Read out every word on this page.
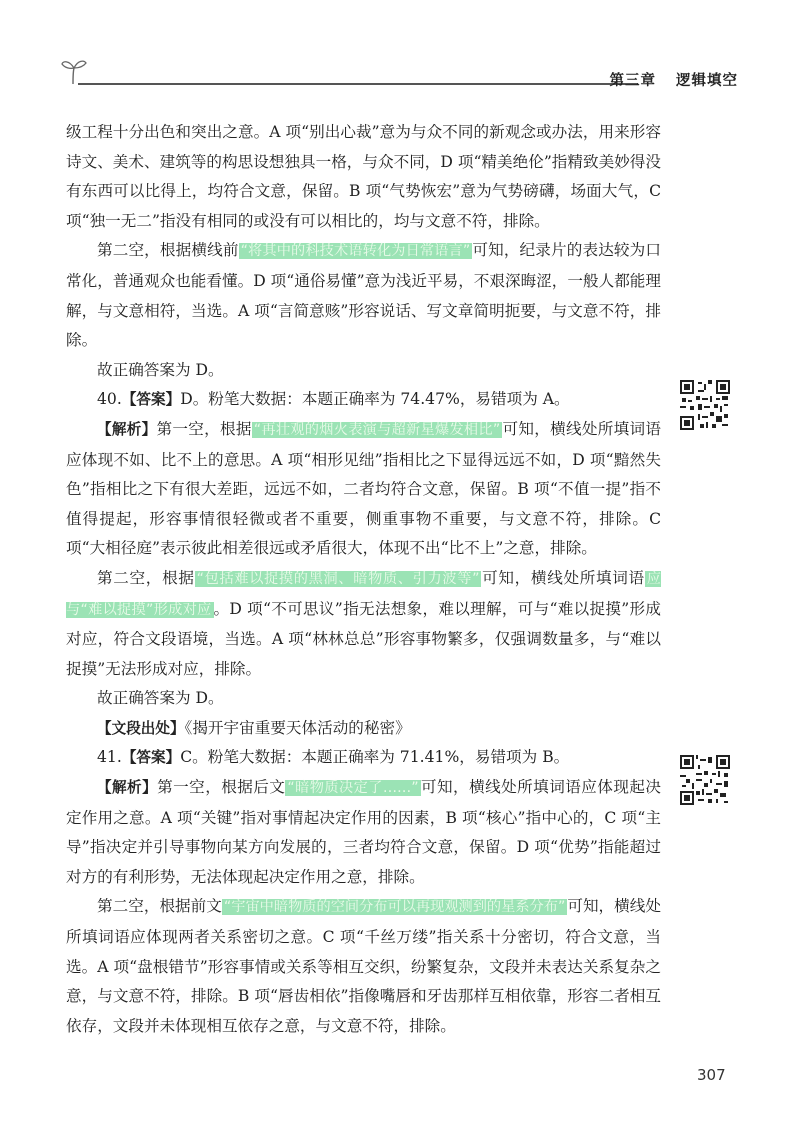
第三章 逻辑填空

级工程十分出色和突出之意。A 项“别出心裁”意为与众不同的新观念或办法，用来形容诗文、美术、建筑等的构思设想独具一格，与众不同，D 项“精美绝伦”指精致美妙得没有东西可以比得上，均符合文意，保留。B 项“气势恢宏”意为气势磅礴，场面大气，C 项“独一无二”指没有相同的或没有可以相比的，均与文意不符，排除。

第二空，根据横线前 “将其中的科技术语转化为日常语言” 可知，纪录片的表达较为口常化，普通观众也能看懂。D 项“通俗易懂”意为浅近平易，不艰深晦涩，一般人都能理解，与文意相符，当选。A 项“言简意赅”形容说话、写文章简明扼要，与文意不符，排除。

故正确答案为 D。

40.【答案】D。粉笔大数据：本题正确率为 74.47%，易错项为 A。

【解析】第一空，根据 “再壮观的烟火表演与超新星爆发相比” 可知，横线处所填词语应体现不如、比不上的意思。A 项“相形见绌”指相比之下显得远远不如，D 项“黯然失色”指相比之下有很大差距，远远不如，二者均符合文意，保留。B 项“不值一提”指不值得提起，形容事情很轻微或者不重要，侧重事物不重要，与文意不符，排除。C 项“大相径庭”表示彼此相差很远或矛盾很大，体现不出“比不上”之意，排除。

第二空，根据 “包括难以捉摸的黑洞、暗物质、引力波等” 可知，横线处所填词语 应与“难以捉摸”形成对应 。D 项“不可思议”指无法想象，难以理解，可与“难以捉摸”形成对应，符合文段语境，当选。A 项“林林总总”形容事物繁多，仅强调数量多，与“难以捉摸”无法形成对应，排除。

故正确答案为 D。

【文段出处】《揭开宇宙重要天体活动的秘密》

41.【答案】C。粉笔大数据：本题正确率为 71.41%，易错项为 B。

【解析】第一空，根据后文 “暗物质决定了……” 可知，横线处所填词语应体现起决定作用之意。A 项“关键”指对事情起决定作用的因素，B 项“核心”指中心的，C 项“主导”指决定并引导事物向某方向发展的，三者均符合文意，保留。D 项“优势”指能超过对方的有利形势，无法体现起决定作用之意，排除。

第二空，根据前文 “宇宙中暗物质的空间分布可以再现观测到的星系分布” 可知，横线处所填词语应体现两者关系密切之意。C 项“千丝万缕”指关系十分密切，符合文意，当选。A 项“盘根错节”形容事情或关系等相互交织，纷繁复杂，文段并未表达关系复杂之意，与文意不符，排除。B 项“唇齿相依”指像嘴唇和牙齿那样互相依靠，形容二者相互依存，文段并未体现相互依存之意，与文意不符，排除。

307
